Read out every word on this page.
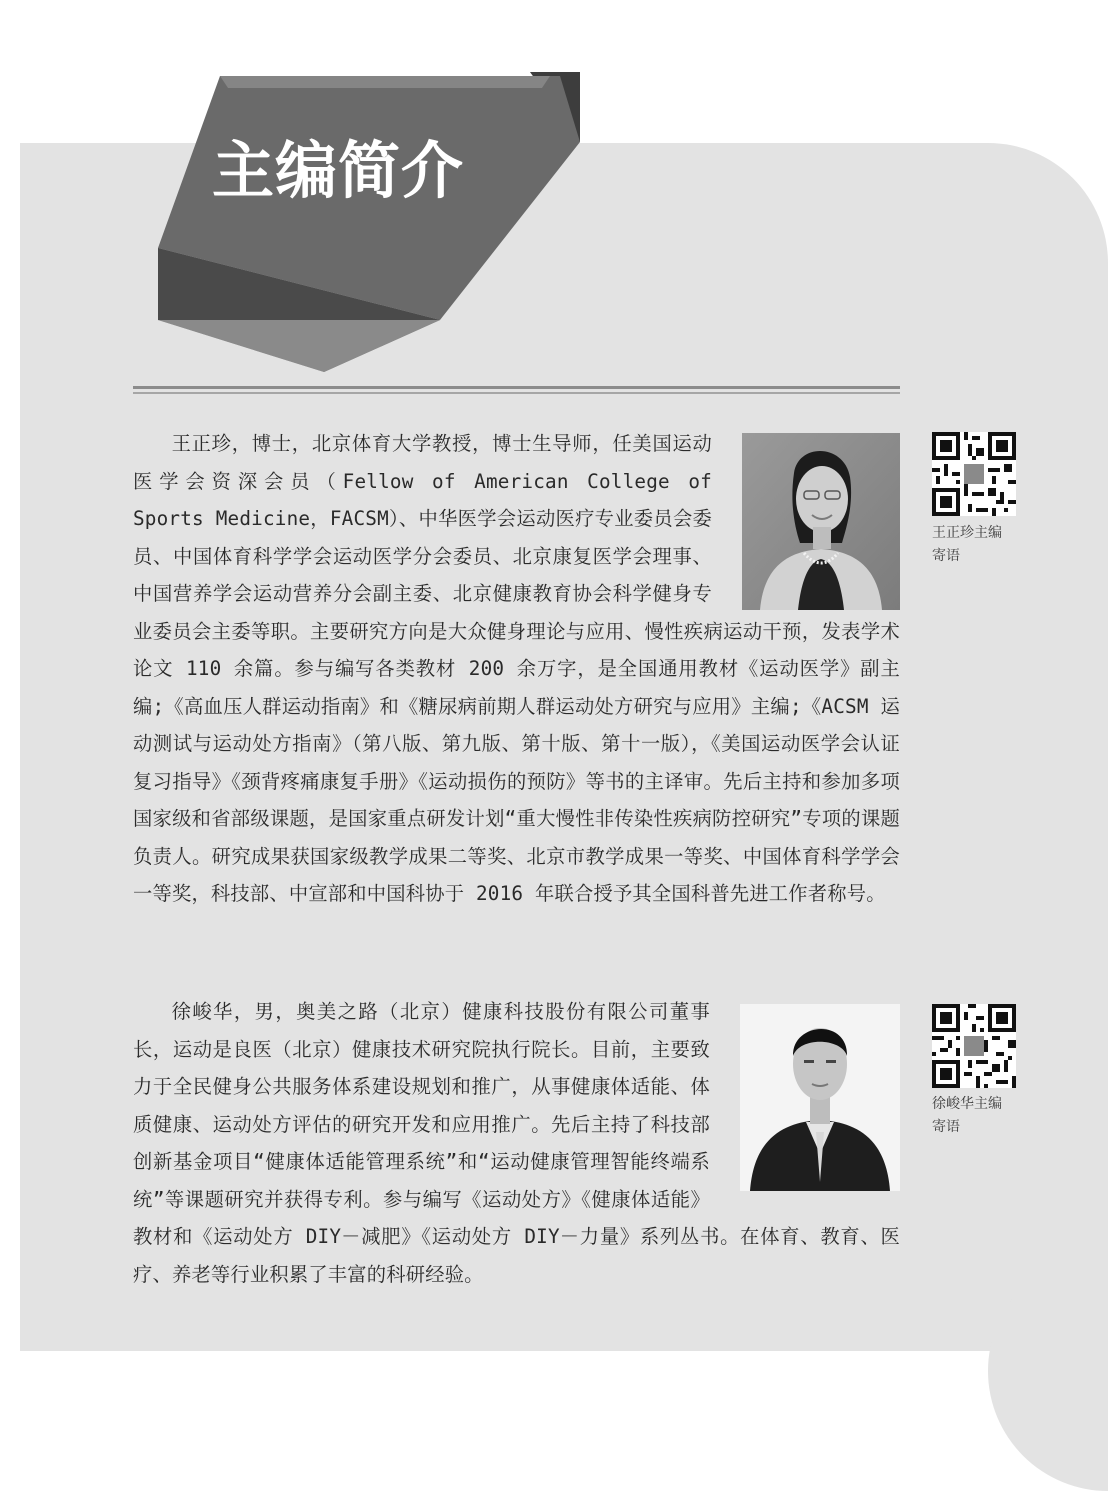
主编简介
王正珍，博士，北京体育大学教授，博士生导师，任美国运动医学会资深会员（Fellow of American College of Sports Medicine，FACSM）、中华医学会运动医疗专业委员会委员、中国体育科学学会运动医学分会委员、北京康复医学会理事、中国营养学会运动营养分会副主委、北京健康教育协会科学健身专业委员会主委等职。主要研究方向是大众健身理论与应用、慢性疾病运动干预，发表学术论文 110 余篇。参与编写各类教材 200 余万字，是全国通用教材《运动医学》副主编;《高血压人群运动指南》和《糖尿病前期人群运动处方研究与应用》主编;《ACSM 运动测试与运动处方指南》（第八版、第九版、第十版、第十一版），《美国运动医学会认证复习指导》《颈背疼痛康复手册》《运动损伤的预防》等书的主译审。先后主持和参加多项国家级和省部级课题，是国家重点研发计划“重大慢性非传染性疾病防控研究”专项的课题负责人。研究成果获国家级教学成果二等奖、北京市教学成果一等奖、中国体育科学学会一等奖，科技部、中宣部和中国科协于 2016 年联合授予其全国科普先进工作者称号。
王正珍主编
寄语
徐峻华，男，奥美之路（北京）健康科技股份有限公司董事长，运动是良医（北京）健康技术研究院执行院长。目前，主要致力于全民健身公共服务体系建设规划和推广，从事健康体适能、体质健康、运动处方评估的研究开发和应用推广。先后主持了科技部创新基金项目“健康体适能管理系统”和“运动健康管理智能终端系统”等课题研究并获得专利。参与编写《运动处方》《健康体适能》教材和《运动处方 DIY－减肥》《运动处方 DIY－力量》系列丛书。在体育、教育、医疗、养老等行业积累了丰富的科研经验。
徐峻华主编
寄语
